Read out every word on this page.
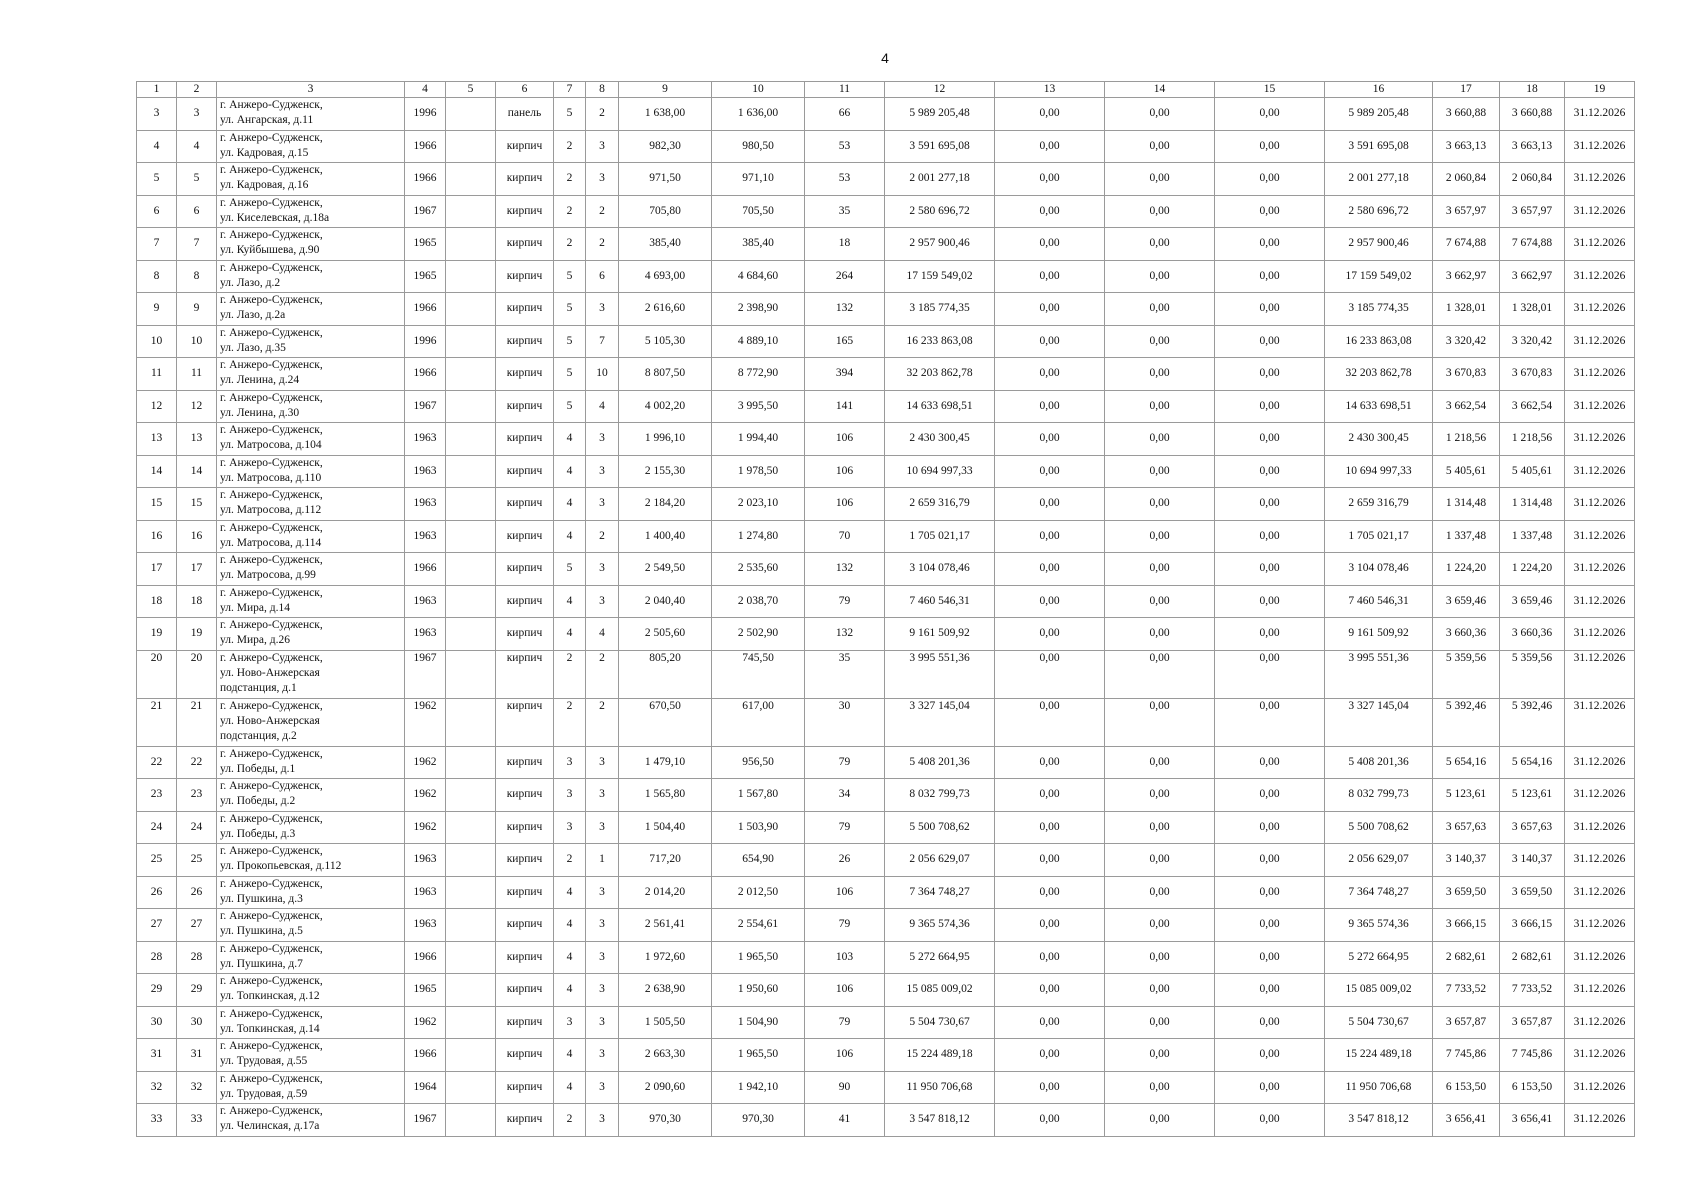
4
1	2	3	4	5	6	7	8	9	10	11	12	13	14	15	16	17	18	19
3	3	г. Анжеро-Судженск,
ул. Ангарская, д.11	1996		панель	5	2	1 638,00	1 636,00	66	5 989 205,48	0,00	0,00	0,00	5 989 205,48	3 660,88	3 660,88	31.12.2026
4	4	г. Анжеро-Судженск,
ул. Кадровая, д.15	1966		кирпич	2	3	982,30	980,50	53	3 591 695,08	0,00	0,00	0,00	3 591 695,08	3 663,13	3 663,13	31.12.2026
5	5	г. Анжеро-Судженск,
ул. Кадровая, д.16	1966		кирпич	2	3	971,50	971,10	53	2 001 277,18	0,00	0,00	0,00	2 001 277,18	2 060,84	2 060,84	31.12.2026
6	6	г. Анжеро-Судженск,
ул. Киселевская, д.18а	1967		кирпич	2	2	705,80	705,50	35	2 580 696,72	0,00	0,00	0,00	2 580 696,72	3 657,97	3 657,97	31.12.2026
7	7	г. Анжеро-Судженск,
ул. Куйбышева, д.90	1965		кирпич	2	2	385,40	385,40	18	2 957 900,46	0,00	0,00	0,00	2 957 900,46	7 674,88	7 674,88	31.12.2026
8	8	г. Анжеро-Судженск,
ул. Лазо, д.2	1965		кирпич	5	6	4 693,00	4 684,60	264	17 159 549,02	0,00	0,00	0,00	17 159 549,02	3 662,97	3 662,97	31.12.2026
9	9	г. Анжеро-Судженск,
ул. Лазо, д.2а	1966		кирпич	5	3	2 616,60	2 398,90	132	3 185 774,35	0,00	0,00	0,00	3 185 774,35	1 328,01	1 328,01	31.12.2026
10	10	г. Анжеро-Судженск,
ул. Лазо, д.35	1996		кирпич	5	7	5 105,30	4 889,10	165	16 233 863,08	0,00	0,00	0,00	16 233 863,08	3 320,42	3 320,42	31.12.2026
11	11	г. Анжеро-Судженск,
ул. Ленина, д.24	1966		кирпич	5	10	8 807,50	8 772,90	394	32 203 862,78	0,00	0,00	0,00	32 203 862,78	3 670,83	3 670,83	31.12.2026
12	12	г. Анжеро-Судженск,
ул. Ленина, д.30	1967		кирпич	5	4	4 002,20	3 995,50	141	14 633 698,51	0,00	0,00	0,00	14 633 698,51	3 662,54	3 662,54	31.12.2026
13	13	г. Анжеро-Судженск,
ул. Матросова, д.104	1963		кирпич	4	3	1 996,10	1 994,40	106	2 430 300,45	0,00	0,00	0,00	2 430 300,45	1 218,56	1 218,56	31.12.2026
14	14	г. Анжеро-Судженск,
ул. Матросова, д.110	1963		кирпич	4	3	2 155,30	1 978,50	106	10 694 997,33	0,00	0,00	0,00	10 694 997,33	5 405,61	5 405,61	31.12.2026
15	15	г. Анжеро-Судженск,
ул. Матросова, д.112	1963		кирпич	4	3	2 184,20	2 023,10	106	2 659 316,79	0,00	0,00	0,00	2 659 316,79	1 314,48	1 314,48	31.12.2026
16	16	г. Анжеро-Судженск,
ул. Матросова, д.114	1963		кирпич	4	2	1 400,40	1 274,80	70	1 705 021,17	0,00	0,00	0,00	1 705 021,17	1 337,48	1 337,48	31.12.2026
17	17	г. Анжеро-Судженск,
ул. Матросова, д.99	1966		кирпич	5	3	2 549,50	2 535,60	132	3 104 078,46	0,00	0,00	0,00	3 104 078,46	1 224,20	1 224,20	31.12.2026
18	18	г. Анжеро-Судженск,
ул. Мира, д.14	1963		кирпич	4	3	2 040,40	2 038,70	79	7 460 546,31	0,00	0,00	0,00	7 460 546,31	3 659,46	3 659,46	31.12.2026
19	19	г. Анжеро-Судженск,
ул. Мира, д.26	1963		кирпич	4	4	2 505,60	2 502,90	132	9 161 509,92	0,00	0,00	0,00	9 161 509,92	3 660,36	3 660,36	31.12.2026
20	20	г. Анжеро-Судженск,
ул. Ново-Анжерская
подстанция, д.1	1967		кирпич	2	2	805,20	745,50	35	3 995 551,36	0,00	0,00	0,00	3 995 551,36	5 359,56	5 359,56	31.12.2026
21	21	г. Анжеро-Судженск,
ул. Ново-Анжерская
подстанция, д.2	1962		кирпич	2	2	670,50	617,00	30	3 327 145,04	0,00	0,00	0,00	3 327 145,04	5 392,46	5 392,46	31.12.2026
22	22	г. Анжеро-Судженск,
ул. Победы, д.1	1962		кирпич	3	3	1 479,10	956,50	79	5 408 201,36	0,00	0,00	0,00	5 408 201,36	5 654,16	5 654,16	31.12.2026
23	23	г. Анжеро-Судженск,
ул. Победы, д.2	1962		кирпич	3	3	1 565,80	1 567,80	34	8 032 799,73	0,00	0,00	0,00	8 032 799,73	5 123,61	5 123,61	31.12.2026
24	24	г. Анжеро-Судженск,
ул. Победы, д.3	1962		кирпич	3	3	1 504,40	1 503,90	79	5 500 708,62	0,00	0,00	0,00	5 500 708,62	3 657,63	3 657,63	31.12.2026
25	25	г. Анжеро-Судженск,
ул. Прокопьевская, д.112	1963		кирпич	2	1	717,20	654,90	26	2 056 629,07	0,00	0,00	0,00	2 056 629,07	3 140,37	3 140,37	31.12.2026
26	26	г. Анжеро-Судженск,
ул. Пушкина, д.3	1963		кирпич	4	3	2 014,20	2 012,50	106	7 364 748,27	0,00	0,00	0,00	7 364 748,27	3 659,50	3 659,50	31.12.2026
27	27	г. Анжеро-Судженск,
ул. Пушкина, д.5	1963		кирпич	4	3	2 561,41	2 554,61	79	9 365 574,36	0,00	0,00	0,00	9 365 574,36	3 666,15	3 666,15	31.12.2026
28	28	г. Анжеро-Судженск,
ул. Пушкина, д.7	1966		кирпич	4	3	1 972,60	1 965,50	103	5 272 664,95	0,00	0,00	0,00	5 272 664,95	2 682,61	2 682,61	31.12.2026
29	29	г. Анжеро-Судженск,
ул. Топкинская, д.12	1965		кирпич	4	3	2 638,90	1 950,60	106	15 085 009,02	0,00	0,00	0,00	15 085 009,02	7 733,52	7 733,52	31.12.2026
30	30	г. Анжеро-Судженск,
ул. Топкинская, д.14	1962		кирпич	3	3	1 505,50	1 504,90	79	5 504 730,67	0,00	0,00	0,00	5 504 730,67	3 657,87	3 657,87	31.12.2026
31	31	г. Анжеро-Судженск,
ул. Трудовая, д.55	1966		кирпич	4	3	2 663,30	1 965,50	106	15 224 489,18	0,00	0,00	0,00	15 224 489,18	7 745,86	7 745,86	31.12.2026
32	32	г. Анжеро-Судженск,
ул. Трудовая, д.59	1964		кирпич	4	3	2 090,60	1 942,10	90	11 950 706,68	0,00	0,00	0,00	11 950 706,68	6 153,50	6 153,50	31.12.2026
33	33	г. Анжеро-Судженск,
ул. Челинская, д.17а	1967		кирпич	2	3	970,30	970,30	41	3 547 818,12	0,00	0,00	0,00	3 547 818,12	3 656,41	3 656,41	31.12.2026
